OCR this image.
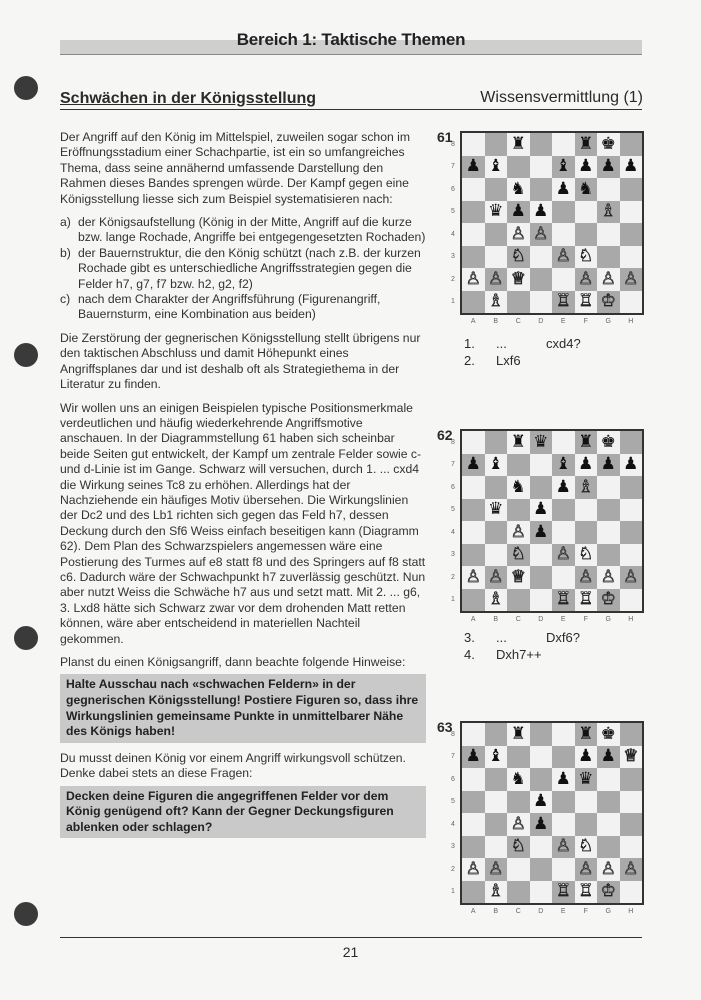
Bereich 1: Taktische Themen
Schwächen in der Königsstellung	Wissensvermittlung (1)

Der Angriff auf den König im Mittelspiel, zuweilen sogar schon im Eröffnungsstadium einer Schachpartie, ist ein so umfangreiches Thema, dass seine annähernd umfassende Darstellung den Rahmen dieses Bandes sprengen würde. Der Kampf gegen eine Königsstellung liesse sich zum Beispiel systematisieren nach:

a) der Königsaufstellung (König in der Mitte, Angriff auf die kurze bzw. lange Rochade, Angriffe bei entgegengesetzten Rochaden)
b) der Bauernstruktur, die den König schützt (nach z.B. der kurzen Rochade gibt es unterschiedliche Angriffsstrategien gegen die Felder h7, g7, f7 bzw. h2, g2, f2)
c) nach dem Charakter der Angriffsführung (Figurenangriff, Bauernsturm, eine Kombination aus beiden)

Die Zerstörung der gegnerischen Königsstellung stellt übrigens nur den taktischen Abschluss und damit Höhepunkt eines Angriffsplanes dar und ist deshalb oft als Strategiethema in der Literatur zu finden.

Wir wollen uns an einigen Beispielen typische Positionsmerkmale verdeutlichen und häufig wiederkehrende Angriffsmotive anschauen. In der Diagrammstellung 61 haben sich scheinbar beide Seiten gut entwickelt, der Kampf um zentrale Felder sowie c- und d-Linie ist im Gange. Schwarz will versuchen, durch 1. ... cxd4 die Wirkung seines Tc8 zu erhöhen. Allerdings hat der Nachziehende ein häufiges Motiv übersehen. Die Wirkungslinien der Dc2 und des Lb1 richten sich gegen das Feld h7, dessen Deckung durch den Sf6 Weiss einfach beseitigen kann (Diagramm 62). Dem Plan des Schwarzspielers angemessen wäre eine Postierung des Turmes auf e8 statt f8 und des Springers auf f8 statt c6. Dadurch wäre der Schwachpunkt h7 zuverlässig geschützt. Nun aber nutzt Weiss die Schwäche h7 aus und setzt matt. Mit 2. ... g6, 3. Lxd8 hätte sich Schwarz zwar vor dem drohenden Matt retten können, wäre aber entscheidend in materiellen Nachteil gekommen.

Planst du einen Königsangriff, dann beachte folgende Hinweise:

Halte Ausschau nach «schwachen Feldern» in der gegnerischen Königsstellung! Postiere Figuren so, dass ihre Wirkungslinien gemeinsame Punkte in unmittelbarer Nähe des Königs haben!

Du musst deinen König vor einem Angriff wirkungsvoll schützen. Denke dabei stets an diese Fragen:

Decken deine Figuren die angegriffenen Felder vor dem König genügend oft? Kann der Gegner Deckungsfiguren ablenken oder schlagen?
61
8
7
6
5
4
3
2
1
♜	♜ ♚
♟ ♝	♝ ♟ ♟ ♟
♞ ♟ ♞
♛ ♟ ♟	♗
♙ ♙
♘ ♙ ♘
♙ ♙ ♕	♙ ♙ ♙
♗	♖ ♖ ♔
A	B	C	D	E	F	G	H
1.	...	cxd4?
2.	Lxf6
62
8
7
6
5
4
3
2
1
♜ ♛ ♜ ♚
♟ ♝	♝ ♟ ♟ ♟
♞ ♟ ♗
♛ ♟
♙ ♟
♘ ♙ ♘
♙ ♙ ♕	♙ ♙ ♙
♗	♖ ♖ ♔
A	B	C	D	E	F	G	H
3.	...	Dxf6?
4.	Dxh7++
63
8
7
6
5
4
3
2
1
♜	♜ ♚
♟ ♝	♟ ♟ ♕
♞ ♟ ♛
♟
♙ ♟
♘ ♙ ♘
♙ ♙	♙ ♙ ♙
♗	♖ ♖ ♔
A	B	C	D	E	F	G	H
21
